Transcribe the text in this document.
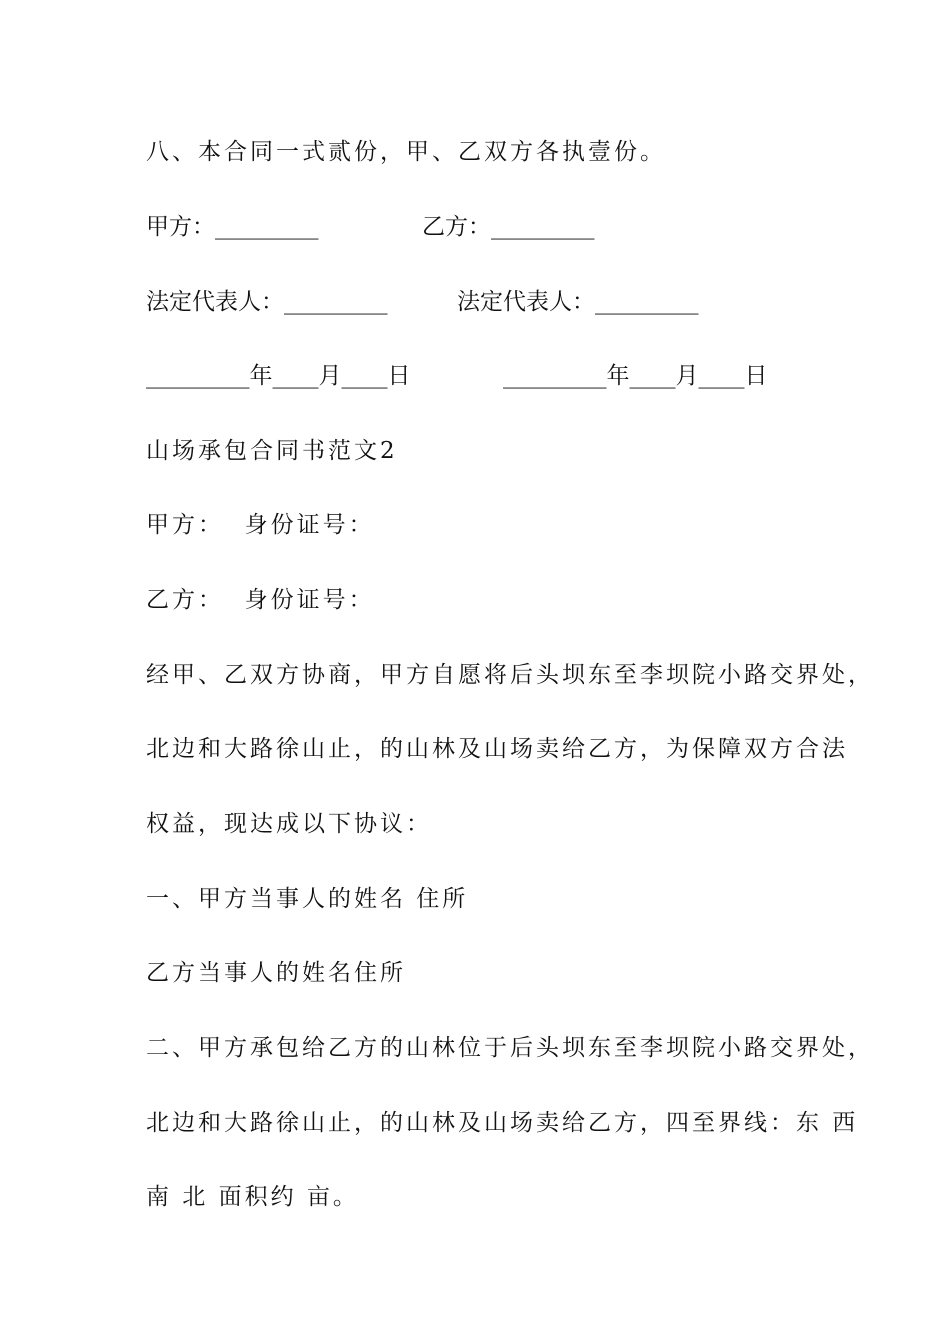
八、本合同一式贰份，甲、乙双方各执壹份。
甲方：_________	乙方：_________
法定代表人：_________	法定代表人：_________
_________年____月____日	_________年____月____日
山场承包合同书范文2
甲方：  身份证号：
乙方：  身份证号：
经甲、乙双方协商，甲方自愿将后头坝东至李坝院小路交界处，
北边和大路徐山止，的山林及山场卖给乙方，为保障双方合法
权益，现达成以下协议：
一、甲方当事人的姓名 住所
乙方当事人的姓名住所
二、甲方承包给乙方的山林位于后头坝东至李坝院小路交界处，
北边和大路徐山止，的山林及山场卖给乙方，四至界线：东 西
南 北 面积约 亩。
